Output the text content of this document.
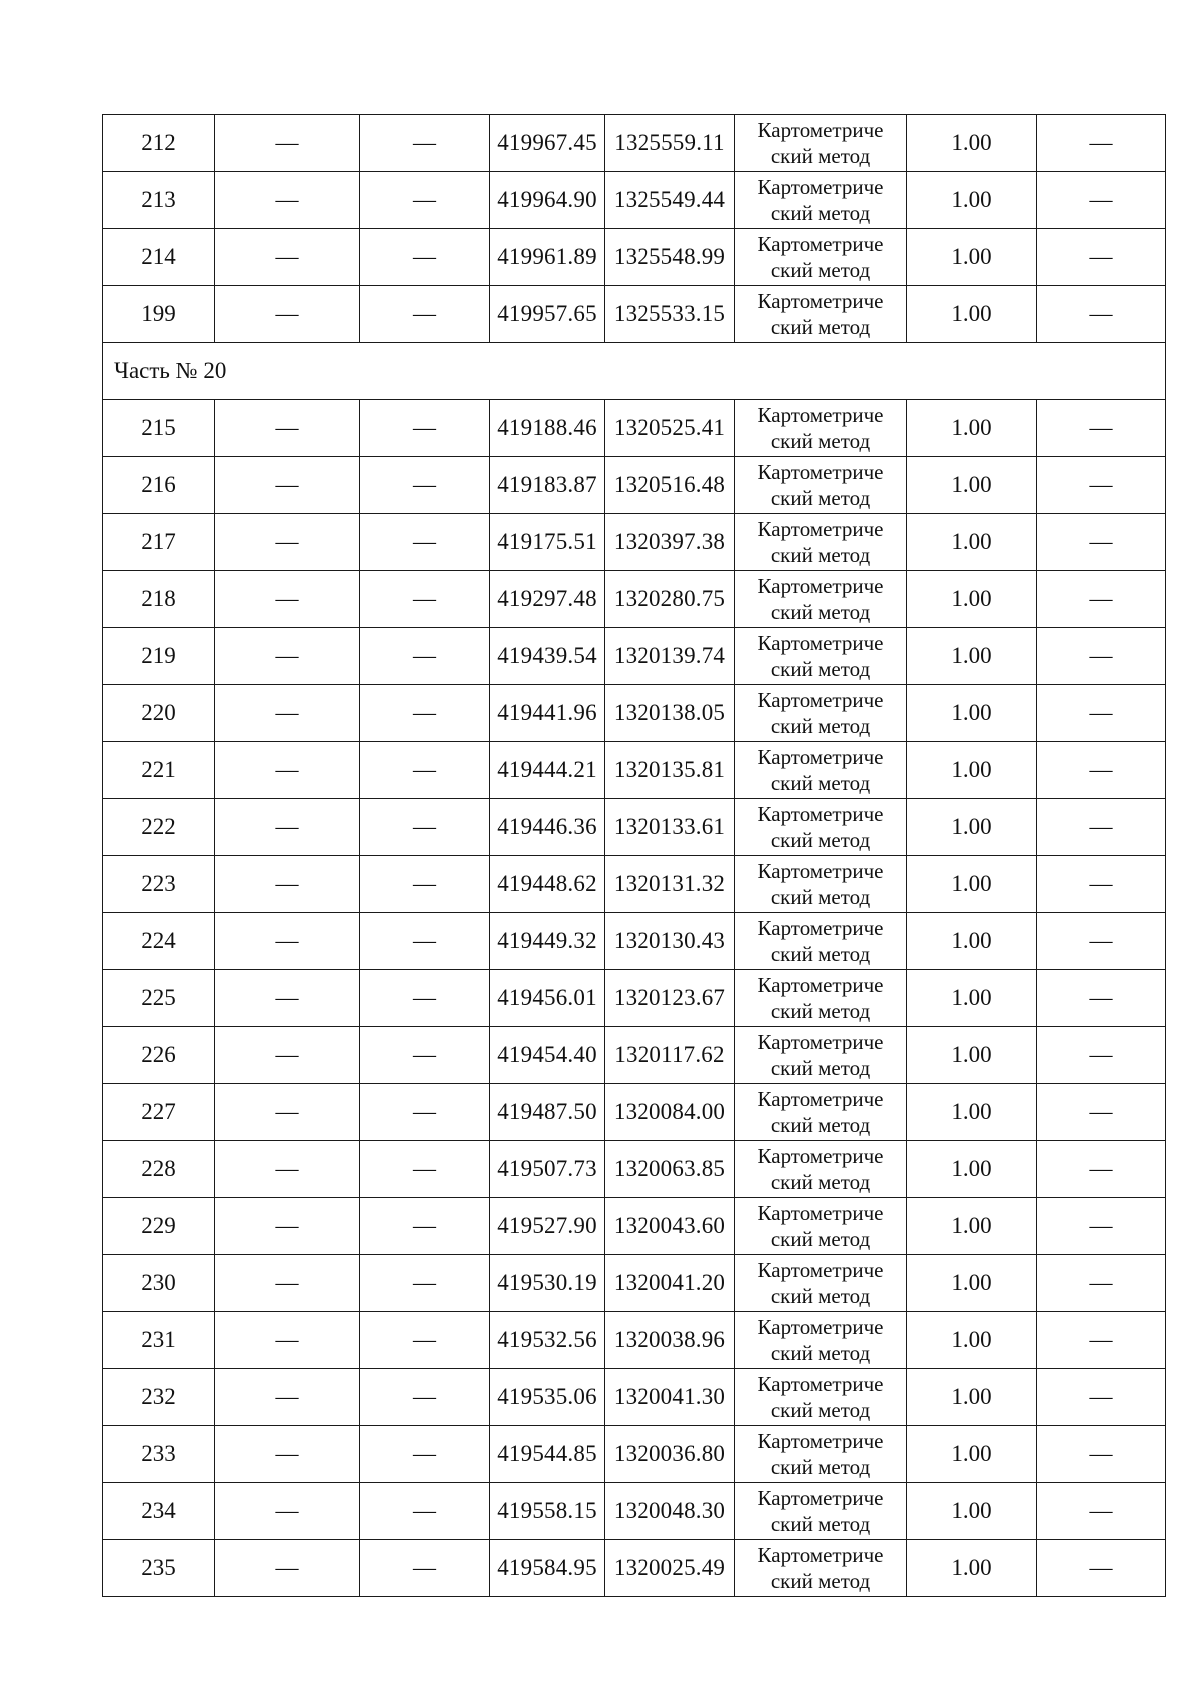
212	—	—	419967.45	1325559.11	Картометриче
ский метод	1.00	—
213	—	—	419964.90	1325549.44	Картометриче
ский метод	1.00	—
214	—	—	419961.89	1325548.99	Картометриче
ский метод	1.00	—
199	—	—	419957.65	1325533.15	Картометриче
ский метод	1.00	—
Часть № 20							
215	—	—	419188.46	1320525.41	Картометриче
ский метод	1.00	—
216	—	—	419183.87	1320516.48	Картометриче
ский метод	1.00	—
217	—	—	419175.51	1320397.38	Картометриче
ский метод	1.00	—
218	—	—	419297.48	1320280.75	Картометриче
ский метод	1.00	—
219	—	—	419439.54	1320139.74	Картометриче
ский метод	1.00	—
220	—	—	419441.96	1320138.05	Картометриче
ский метод	1.00	—
221	—	—	419444.21	1320135.81	Картометриче
ский метод	1.00	—
222	—	—	419446.36	1320133.61	Картометриче
ский метод	1.00	—
223	—	—	419448.62	1320131.32	Картометриче
ский метод	1.00	—
224	—	—	419449.32	1320130.43	Картометриче
ский метод	1.00	—
225	—	—	419456.01	1320123.67	Картометриче
ский метод	1.00	—
226	—	—	419454.40	1320117.62	Картометриче
ский метод	1.00	—
227	—	—	419487.50	1320084.00	Картометриче
ский метод	1.00	—
228	—	—	419507.73	1320063.85	Картометриче
ский метод	1.00	—
229	—	—	419527.90	1320043.60	Картометриче
ский метод	1.00	—
230	—	—	419530.19	1320041.20	Картометриче
ский метод	1.00	—
231	—	—	419532.56	1320038.96	Картометриче
ский метод	1.00	—
232	—	—	419535.06	1320041.30	Картометриче
ский метод	1.00	—
233	—	—	419544.85	1320036.80	Картометриче
ский метод	1.00	—
234	—	—	419558.15	1320048.30	Картометриче
ский метод	1.00	—
235	—	—	419584.95	1320025.49	Картометриче
ский метод	1.00	—
